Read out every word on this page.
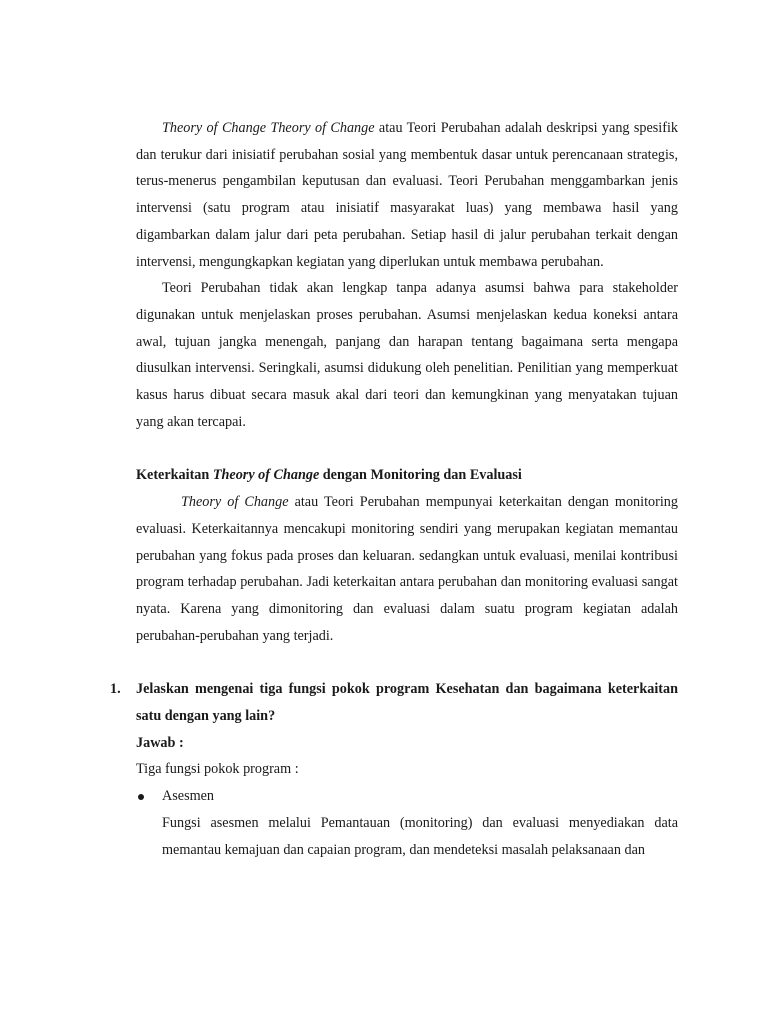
Theory of Change Theory of Change atau Teori Perubahan adalah deskripsi yang spesifik dan terukur dari inisiatif perubahan sosial yang membentuk dasar untuk perencanaan strategis, terus-menerus pengambilan keputusan dan evaluasi. Teori Perubahan menggambarkan jenis intervensi (satu program atau inisiatif masyarakat luas) yang membawa hasil yang digambarkan dalam jalur dari peta perubahan. Setiap hasil di jalur perubahan terkait dengan intervensi, mengungkapkan kegiatan yang diperlukan untuk membawa perubahan.

Teori Perubahan tidak akan lengkap tanpa adanya asumsi bahwa para stakeholder digunakan untuk menjelaskan proses perubahan. Asumsi menjelaskan kedua koneksi antara awal, tujuan jangka menengah, panjang dan harapan tentang bagaimana serta mengapa diusulkan intervensi. Seringkali, asumsi didukung oleh penelitian. Penilitian yang memperkuat kasus harus dibuat secara masuk akal dari teori dan kemungkinan yang menyatakan tujuan yang akan tercapai.

Keterkaitan Theory of Change dengan Monitoring dan Evaluasi

Theory of Change atau Teori Perubahan mempunyai keterkaitan dengan monitoring evaluasi. Keterkaitannya mencakupi monitoring sendiri yang merupakan kegiatan memantau perubahan yang fokus pada proses dan keluaran. sedangkan untuk evaluasi, menilai kontribusi program terhadap perubahan. Jadi keterkaitan antara perubahan dan monitoring evaluasi sangat nyata. Karena yang dimonitoring dan evaluasi dalam suatu program kegiatan adalah perubahan-perubahan yang terjadi.

1. Jelaskan mengenai tiga fungsi pokok program Kesehatan dan bagaimana keterkaitan satu dengan yang lain?

Jawab :

Tiga fungsi pokok program :

Asesmen

Fungsi asesmen melalui Pemantauan (monitoring) dan evaluasi menyediakan data memantau kemajuan dan capaian program, dan mendeteksi masalah pelaksanaan dan
